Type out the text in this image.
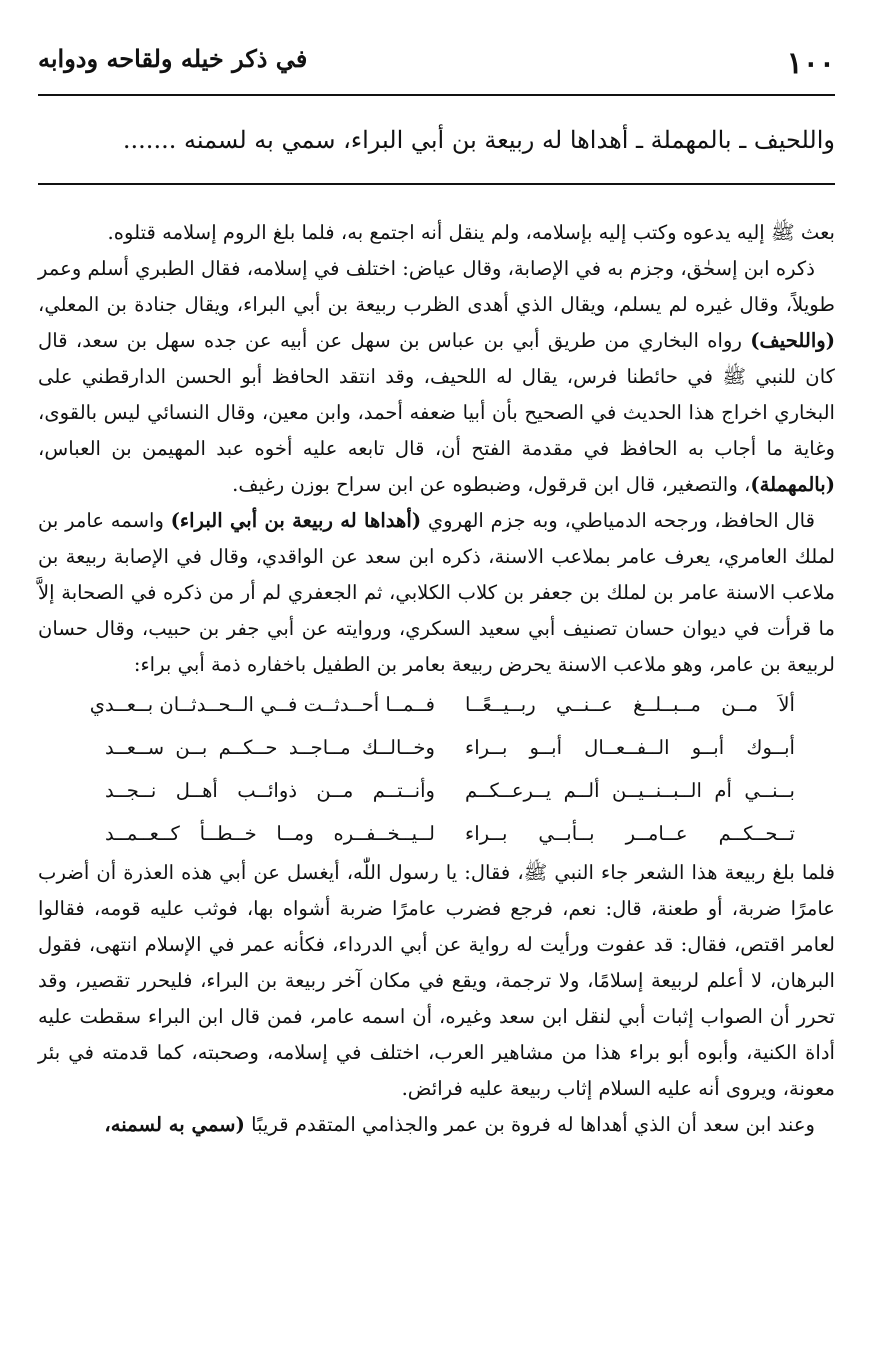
١٠٠
في ذكر خيله ولقاحه ودوابه
واللحيف ـ بالمهملة ـ أهداها له ربيعة بن أبي البراء، سمي به لسمنه .......

بعث ﷺ إليه يدعوه وكتب إليه بإسلامه، ولم ينقل أنه اجتمع به، فلما بلغ الروم إسلامه قتلوه.

ذكره ابن إسحٰق، وجزم به في الإصابة، وقال عياض: اختلف في إسلامه، فقال الطبري أسلم وعمر طويلاً، وقال غيره لم يسلم، ويقال الذي أهدى الظرب ربيعة بن أبي البراء، ويقال جنادة بن المعلي، (واللحيف) رواه البخاري من طريق أبي بن عباس بن سهل عن أبيه عن جده سهل بن سعد، قال كان للنبي ﷺ في حائطنا فرس، يقال له اللحيف، وقد انتقد الحافظ أبو الحسن الدارقطني على البخاري اخراج هذا الحديث في الصحيح بأن أبيا ضعفه أحمد، وابن معين، وقال النسائي ليس بالقوى، وغاية ما أجاب به الحافظ في مقدمة الفتح أن، قال تابعه عليه أخوه عبد المهيمن بن العباس، (بالمهملة)، والتصغير، قال ابن قرقول، وضبطوه عن ابن سراح بوزن رغيف.

قال الحافظ، ورجحه الدمياطي، وبه جزم الهروي (أهداها له ربيعة بن أبي البراء) واسمه عامر بن لملك العامري، يعرف عامر بملاعب الاسنة، ذكره ابن سعد عن الواقدي، وقال في الإصابة ربيعة بن ملاعب الاسنة عامر بن لملك بن جعفر بن كلاب الكلابي، ثم الجعفري لم أر من ذكره في الصحابة إلاَّ ما قرأت في ديوان حسان تصنيف أبي سعيد السكري، وروايته عن أبي جفر بن حبيب، وقال حسان لربيعة بن عامر، وهو ملاعب الاسنة يحرض ربيعة بعامر بن الطفيل باخفاره ذمة أبي براء:

ألاَ مــن مــبــلــغ عــنــي ربــيــعًــا
فــمــا أحــدثــت فــي الــحــدثــان بــعــدي
أبــوك أبــو الــفــعــال أبــو بــراء
وخــالــك مــاجــد حــكــم بــن ســعــد
بــنــي أم الــبــنــيــن ألــم يــرعــكــم
وأنــتــم مــن ذوائــب أهــل نــجــد
تــحــكــم عــامــر بــأبــي بــراء
لــيــخــفــره ومــا خــطــأ كــعــمــد

فلما بلغ ربيعة هذا الشعر جاء النبي ﷺ، فقال: يا رسول اللّٰه، أيغسل عن أبي هذه العذرة أن أضرب عامرًا ضربة، أو طعنة، قال: نعم، فرجع فضرب عامرًا ضربة أشواه بها، فوثب عليه قومه، فقالوا لعامر اقتص، فقال: قد عفوت ورأيت له رواية عن أبي الدرداء، فكأنه عمر في الإسلام انتهى، فقول البرهان، لا أعلم لربيعة إسلامًا، ولا ترجمة، ويقع في مكان آخر ربيعة بن البراء، فليحرر تقصير، وقد تحرر أن الصواب إثبات أبي لنقل ابن سعد وغيره، أن اسمه عامر، فمن قال ابن البراء سقطت عليه أداة الكنية، وأبوه أبو براء هذا من مشاهير العرب، اختلف في إسلامه، وصحبته، كما قدمته في بئر معونة، ويروى أنه عليه السلام إثاب ربيعة عليه فرائض.

وعند ابن سعد أن الذي أهداها له فروة بن عمر والجذامي المتقدم قريبًا (سمي به لسمنه،
